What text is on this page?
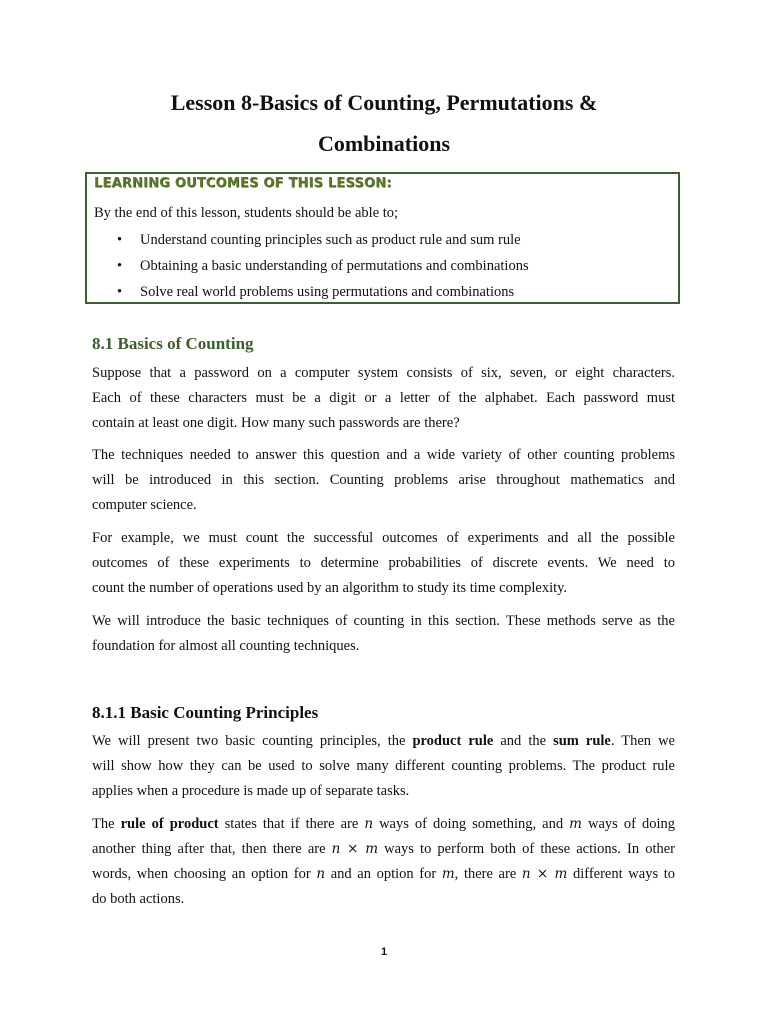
Lesson 8-Basics of Counting, Permutations &
Combinations
LEARNING OUTCOMES OF THIS LESSON:
By the end of this lesson, students should be able to;
• Understand counting principles such as product rule and sum rule
• Obtaining a basic understanding of permutations and combinations
• Solve real world problems using permutations and combinations
8.1 Basics of Counting
Suppose that a password on a computer system consists of six, seven, or eight characters.
Each of these characters must be a digit or a letter of the alphabet. Each password must
contain at least one digit. How many such passwords are there?
The techniques needed to answer this question and a wide variety of other counting problems
will be introduced in this section. Counting problems arise throughout mathematics and
computer science.
For example, we must count the successful outcomes of experiments and all the possible
outcomes of these experiments to determine probabilities of discrete events. We need to
count the number of operations used by an algorithm to study its time complexity.
We will introduce the basic techniques of counting in this section. These methods serve as the
foundation for almost all counting techniques.
8.1.1 Basic Counting Principles
We will present two basic counting principles, the product rule and the sum rule. Then we
will show how they can be used to solve many different counting problems. The product rule
applies when a procedure is made up of separate tasks.
The rule of product states that if there are n ways of doing something, and m ways of doing
another thing after that, then there are n × m ways to perform both of these actions. In other
words, when choosing an option for n and an option for m, there are n × m different ways to
do both actions.
1
